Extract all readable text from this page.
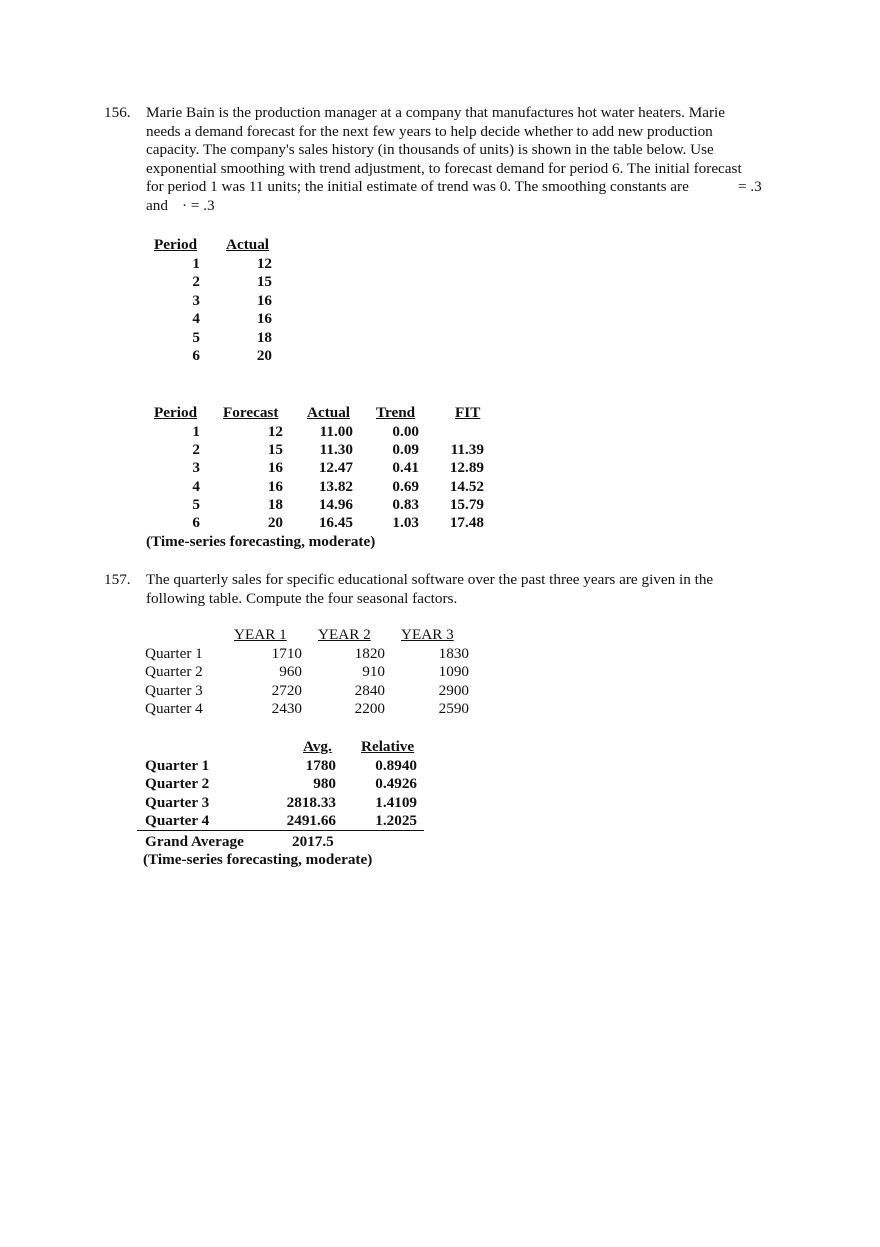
156. Marie Bain is the production manager at a company that manufactures hot water heaters. Marie
needs a demand forecast for the next few years to help decide whether to add new production
capacity. The company's sales history (in thousands of units) is shown in the table below. Use
exponential smoothing with trend adjustment, to forecast demand for period 6. The initial forecast
for period 1 was 11 units; the initial estimate of trend was 0. The smoothing constants are	= .3
and · = .3
Period Actual
1	12
2	15
3	16
4	16
5	18
6	20
Period Forecast Actual Trend	FIT
1	12	11.00	0.00
2	15	11.30	0.09	11.39
3	16	12.47	0.41	12.89
4	16	13.82	0.69	14.52
5	18	14.96	0.83	15.79
6	20	16.45	1.03	17.48
(Time-series forecasting, moderate)
157. The quarterly sales for specific educational software over the past three years are given in the
following table. Compute the four seasonal factors.
YEAR 1 YEAR 2 YEAR 3
Quarter 1	1710	1820	1830
Quarter 2	960	910	1090
Quarter 3	2720	2840	2900
Quarter 4	2430	2200	2590
Avg. Relative
Quarter 1	1780	0.8940
Quarter 2	980	0.4926
Quarter 3	2818.33	1.4109
Quarter 4	2491.66	1.2025
Grand Average	2017.5
(Time-series forecasting, moderate)
